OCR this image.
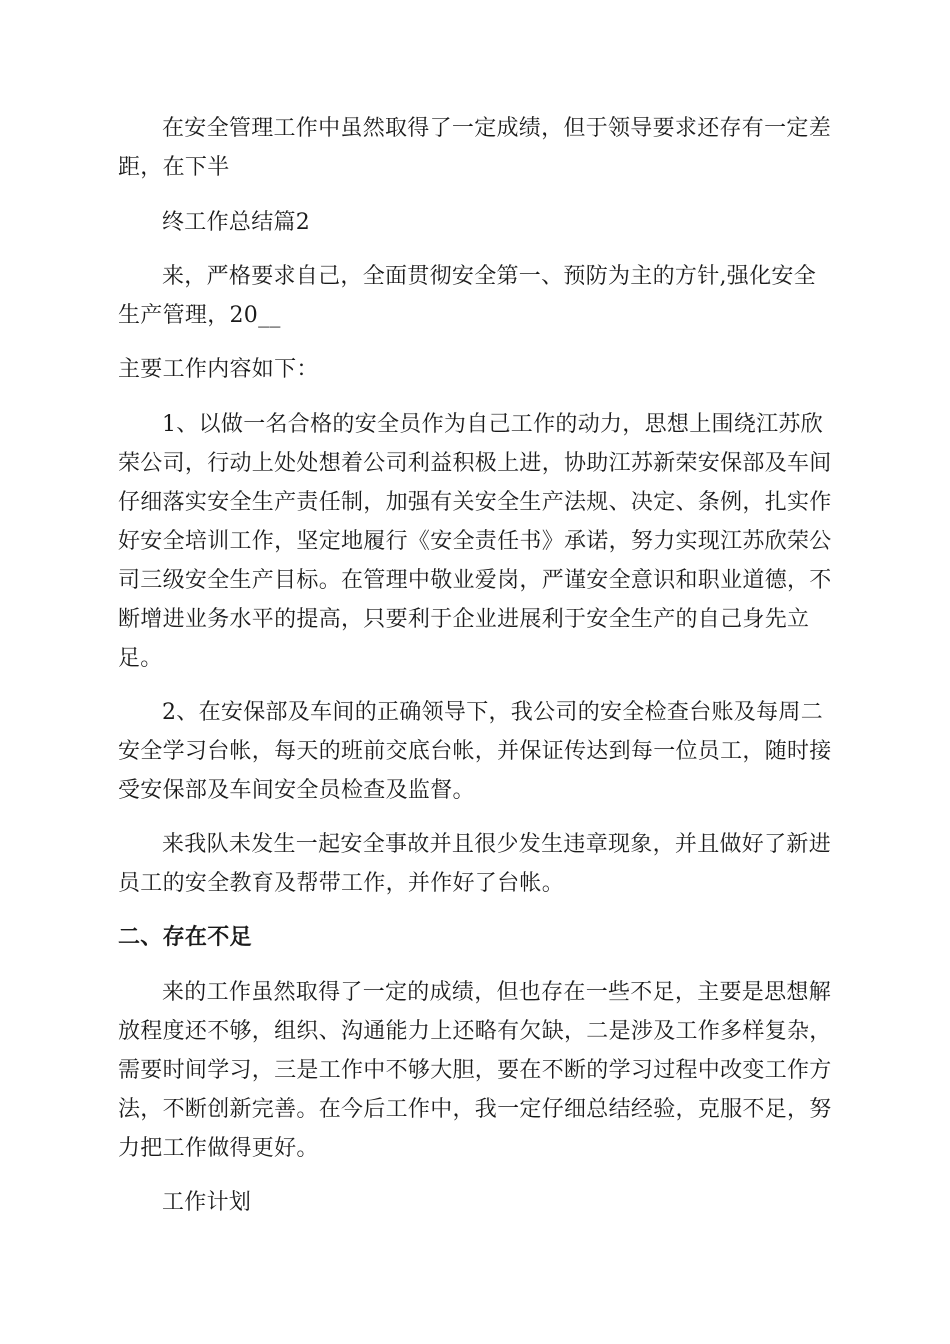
在安全管理工作中虽然取得了一定成绩，但于领导要求还存有一定差

距，在下半

终工作总结篇2

来，严格要求自己，全面贯彻安全第一、预防为主的方针,强化安全

生产管理，20__

主要工作内容如下：

1、以做一名合格的安全员作为自己工作的动力，思想上围绕江苏欣

荣公司，行动上处处想着公司利益积极上进，协助江苏新荣安保部及车间

仔细落实安全生产责任制，加强有关安全生产法规、决定、条例，扎实作

好安全培训工作，坚定地履行《安全责任书》承诺，努力实现江苏欣荣公

司三级安全生产目标。在管理中敬业爱岗，严谨安全意识和职业道德，不

断增进业务水平的提高，只要利于企业进展利于安全生产的自己身先立

足。

2、在安保部及车间的正确领导下，我公司的安全检查台账及每周二

安全学习台帐，每天的班前交底台帐，并保证传达到每一位员工，随时接

受安保部及车间安全员检查及监督。

来我队未发生一起安全事故并且很少发生违章现象，并且做好了新进

员工的安全教育及帮带工作，并作好了台帐。

二、存在不足

来的工作虽然取得了一定的成绩，但也存在一些不足，主要是思想解

放程度还不够，组织、沟通能力上还略有欠缺，二是涉及工作多样复杂，

需要时间学习，三是工作中不够大胆，要在不断的学习过程中改变工作方

法，不断创新完善。在今后工作中，我一定仔细总结经验，克服不足，努

力把工作做得更好。

工作计划
